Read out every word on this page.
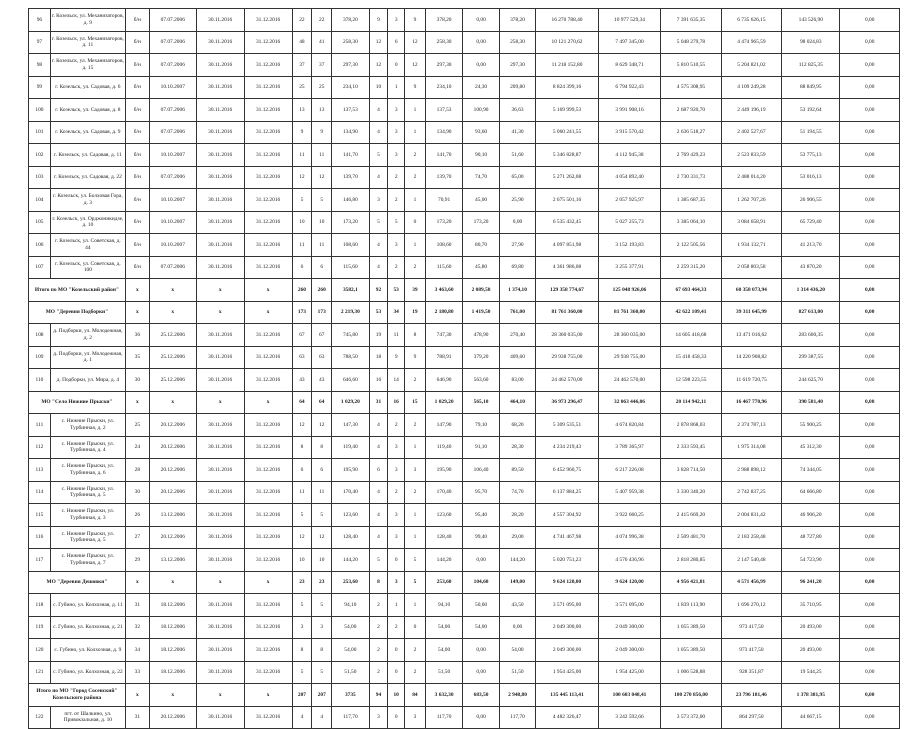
96	г. Козельск, ул. Механизаторов, д. 9	б/н	07.07.2006	30.11.2016	31.12.2016	22	22	378,20	9	3	9	378,20	0,00	378,20	16 270 788,40	10 977 529,34	7 391 635,35	6 735 626,15	143 526,90	0,00
97	г. Козельск, ул. Механизаторов, д. 11	б/н	07.07.2006	30.11.2016	31.12.2016	48	41	258,30	12	6	12	258,30	0,00	258,30	10 121 270,62	7 497 345,00	5 048 279,78	4 474 965,59	98 024,83	0,00
98	г. Козельск, ул. Механизаторов, д. 15	б/н	07.07.2006	30.11.2016	31.12.2016	37	37	297,30	12	0	12	297,30	0,00	297,30	11 218 152,80	8 629 348,71	5 810 510,55	5 204 821,02	112 825,35	0,00
99	г. Козельск, ул. Садовая, д. 6	б/н	10.10.2007	30.11.2016	31.12.2016	25	25	234,10	10	1	9	234,10	24,30	209,80	8 824 399,16	6 794 922,43	4 575 308,95	4 109 249,28	88 849,95	0,00
100	г. Козельск, ул. Садовая, д. 8	б/н	07.07.2006	30.11.2016	31.12.2016	13	13	137,53	4	3	1	137,53	100,90	36,63	5 169 999,53	3 991 908,16	2 687 920,70	2 449 196,19	53 192,64	0,00
101	г. Козельск, ул. Садовая, д. 9	б/н	07.07.2006	30.11.2016	31.12.2016	9	9	134,90	4	3	1	134,90	93,60	41,30	5 060 241,55	3 915 570,42	2 636 518,27	2 402 527,67	51 194,55	0,00
102	г. Козельск, ул. Садовая, д. 11	б/н	10.10.2007	30.11.2016	31.12.2016	11	11	141,70	5	3	2	141,70	90,10	51,60	5 346 828,87	4 112 945,38	2 769 429,23	2 523 833,59	53 775,13	0,00
103	г. Козельск, ул. Садовая, д. 22	б/н	07.07.2006	30.11.2016	31.12.2016	12	12	139,70	4	2	2	139,70	74,70	65,00	5 271 262,08	4 054 892,40	2 730 331,73	2 488 014,20	53 016,13	0,00
104	г. Козельск, ул. Болховая Гора, д. 3	б/н	10.10.2007	30.11.2016	31.12.2016	5	5	146,80	3	2	1	70,91	45,00	25,90	2 675 501,16	2 057 925,97	1 385 687,35	1 262 707,26	26 906,55	0,00
105	г. Козельск, ул. Орджоникидзе, д. 10	б/н	10.10.2007	30.11.2016	31.12.2016	10	10	173,20	5	5	0	173,20	173,20	0,00	6 535 432,45	5 027 255,73	3 385 064,10	3 084 658,91	65 729,40	0,00
106	г. Козельск, ул. Советская, д. 44	б/н	10.10.2007	30.11.2016	31.12.2016	11	11	108,60	4	3	1	108,60	80,70	27,90	4 097 851,98	3 152 193,83	2 122 505,56	1 934 132,71	41 213,70	0,00
107	г. Козельск, ул. Советская, д. 100	б/н	07.07.2006	30.11.2016	31.12.2016	6	6	115,60	4	2	2	115,60	45,80	69,80	4 361 986,08	3 255 377,91	2 259 315,20	2 058 803,58	43 870,20	0,00
Итого по МО "Козельский район"		x	x	x	x	260	260	3582,1	92	53	39	3 463,60	2 089,50	1 374,10	129 358 774,67	125 048 926,06	67 693 464,33	60 358 073,94	1 314 436,20	0,00
МО "Деревня Подборки"		x	x	x	x	173	173	2 219,30	53	34	19	2 180,80	1 419,50	761,00	81 761 360,00	81 761 360,00	42 622 109,41	39 311 645,99	827 613,00	0,00
108	д. Подборки, ул. Молодежная, д. 2	36	25.12.2006	30.11.2016	31.12.2016	67	67	745,80	19	11	8	747,30	478,90	270,40	28 360 035,00	28 360 035,00	14 605 418,68	13 471 016,62	283 600,35	0,00
109	д. Подборки, ул. Молодежная, д. 1	35	25.12.2006	30.11.2016	31.12.2016	63	63	788,50	18	9	9	788,91	379,20	409,60	29 938 755,00	29 938 755,00	15 418 458,33	14 220 908,82	299 387,55	0,00
110	д. Подборки, ул. Мира, д. 4	30	25.12.2006	30.11.2016	31.12.2016	43	43	646,60	16	14	2	646,90	563,60	83,00	24 462 570,00	24 462 570,00	12 598 223,55	11 619 720,75	244 625,70	0,00
МО "Село Нижние Прыски"		x	x	x	x	64	64	1 029,20	31	16	15	1 029,20	565,10	464,10	36 973 296,47	32 063 446,06	20 114 942,11	16 467 770,96	390 581,40	0,00
111	с. Нижние Прыски, ул. Турбинная, д. 2	25	20.12.2006	30.11.2016	31.12.2016	12	12	147,30	4	2	2	147,90	79,10	68,20	5 309 535,51	4 674 820,84	2 878 868,03	2 374 787,13	55 900,25	0,00
112	с. Нижние Прыски, ул. Турбинная, д. 4	24	20.12.2006	30.11.2016	31.12.2016	8	8	119,40	4	3	1	119,40	91,10	28,30	4 234 219,43	3 789 365,97	2 333 593,45	1 975 314,08	45 312,30	0,00
113	с. Нижние Прыски, ул. Турбинная, д. 6	28	20.12.2006	30.11.2016	31.12.2016	6	6	195,90	6	3	3	195,90	106,40	89,50	6 452 960,75	6 217 226,08	3 828 714,50	2 988 898,12	74 344,05	0,00
114	с. Нижние Прыски, ул. Турбинная, д. 5	30	20.12.2006	30.11.2016	31.12.2016	11	11	170,40	4	2	2	170,40	95,70	74,70	6 137 884,25	5 407 959,38	3 330 340,20	2 742 837,25	64 666,80	0,00
115	с. Нижние Прыски, ул. Турбинная, д. 3	26	13.12.2006	30.11.2016	31.12.2016	5	5	123,60	4	3	1	123,60	95,40	28,20	4 557 304,92	3 922 660,25	2 415 669,20	2 004 831,42	46 906,20	0,00
116	с. Нижние Прыски, ул. Турбинная, д. 5	27	20.12.2006	30.11.2016	31.12.2016	12	12	128,40	4	3	1	128,40	99,40	29,00	4 741 467,98	4 074 996,38	2 509 481,70	2 183 258,48	48 727,80	0,00
117	с. Нижние Прыски, ул. Турбинная, д. 7	29	13.12.2006	30.11.2016	31.12.2016	10	10	144,20	5	0	5	144,20	0,00	144,20	5 020 751,23	4 576 436,96	2 818 280,85	2 147 540,48	54 723,90	0,00
МО "Деревня Дешовки"		x	x	x	x	23	23	253,60	8	3	5	253,60	104,60	149,00	9 624 120,00	9 624 120,00	4 956 421,81	4 571 456,99	96 241,20	0,00
118	с. Губино, ул. Колхозная, д. 11	31	18.12.2006	30.11.2016	31.12.2016	5	5	94,10	2	1	1	94,10	50,60	43,50	3 571 095,00	3 571 095,00	1 839 113,90	1 696 270,12	35 710,95	0,00
119	с. Губино, ул. Колхозная, д. 21	32	18.12.2006	30.11.2016	31.12.2016	3	3	54,00	2	2	0	54,00	54,00	0,00	2 049 300,00	2 049 300,00	1 055 389,50	973 417,50	20 493,00	0,00
120	с. Губино, ул. Колхозная, д. 9	34	18.12.2006	30.11.2016	31.12.2016	8	8	54,00	2	0	2	54,00	0,00	54,00	2 049 300,00	2 049 300,00	1 055 389,50	973 417,50	20 493,00	0,00
121	с. Губино, ул. Колхозная, д. 22	33	18.12.2006	30.11.2016	31.12.2016	5	5	51,50	2	0	2	51,50	0,00	51,50	1 954 425,00	1 954 425,00	1 006 528,88	928 351,87	19 544,25	0,00
Итого по МО "Город Сосенский" Козельского района		x	x	x	x	207	207	3735	94	10	84	3 632,30	683,50	2 948,80	135 445 113,41	100 603 048,41	100 270 856,00	23 796 181,46	1 378 381,95	0,00
122	пгт. от Шалкино, ул. Привокзальная, д. 10	31	20.12.2006	30.11.2016	31.12.2016	4	4	117,70	3	0	3	117,70	0,00	117,70	4 482 326,47	3 242 592,66	3 573 372,00	864 297,50	44 667,15	0,00
